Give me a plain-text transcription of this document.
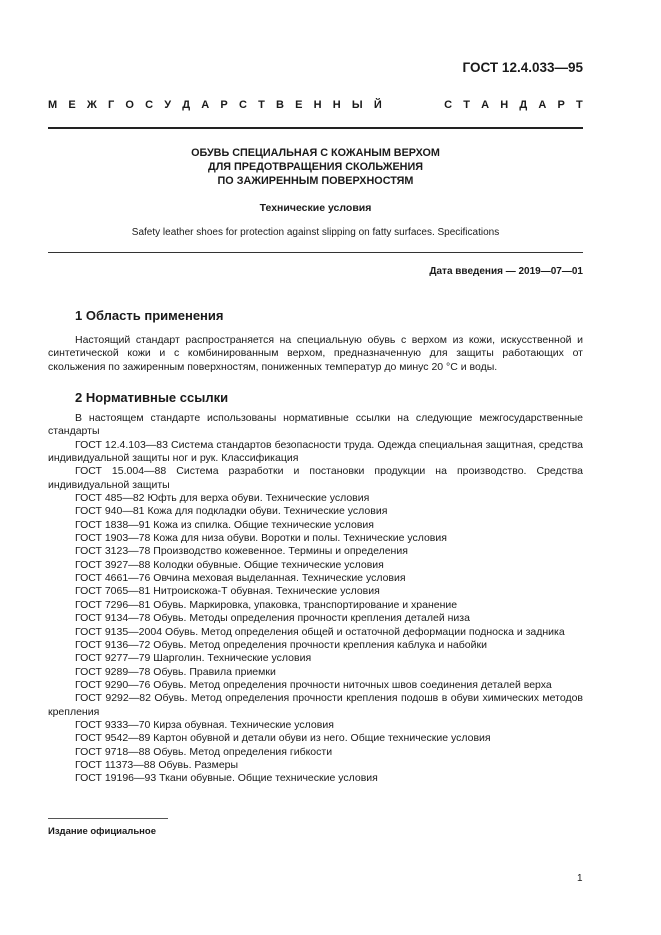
ГОСТ 12.4.033—95
М Е Ж Г О С У Д А Р С Т В Е Н Н Ы Й	С Т А Н Д А Р Т
ОБУВЬ СПЕЦИАЛЬНАЯ С КОЖАНЫМ ВЕРХОМ
ДЛЯ ПРЕДОТВРАЩЕНИЯ СКОЛЬЖЕНИЯ
ПО ЗАЖИРЕННЫМ ПОВЕРХНОСТЯМ
Технические условия
Safety leather shoes for protection against slipping on fatty surfaces. Specifications
Дата введения — 2019—07—01
1 Область применения

Настоящий стандарт распространяется на специальную обувь с верхом из кожи, искусственной и синтетической кожи и с комбинированным верхом, предназначенную для защиты работающих от скольжения по зажиренным поверхностям, пониженных температур до минус 20 °С и воды.

2 Нормативные ссылки

В настоящем стандарте использованы нормативные ссылки на следующие межгосударственные стандарты

ГОСТ 12.4.103—83 Система стандартов безопасности труда. Одежда специальная защитная, средства индивидуальной защиты ног и рук. Классификация

ГОСТ 15.004—88 Система разработки и постановки продукции на производство. Средства индивидуальной защиты

ГОСТ 485—82 Юфть для верха обуви. Технические условия

ГОСТ 940—81 Кожа для подкладки обуви. Технические условия

ГОСТ 1838—91 Кожа из спилка. Общие технические условия

ГОСТ 1903—78 Кожа для низа обуви. Воротки и полы. Технические условия

ГОСТ 3123—78 Производство кожевенное. Термины и определения

ГОСТ 3927—88 Колодки обувные. Общие технические условия

ГОСТ 4661—76 Овчина меховая выделанная. Технические условия

ГОСТ 7065—81 Нитроискожа-Т обувная. Технические условия

ГОСТ 7296—81 Обувь. Маркировка, упаковка, транспортирование и хранение

ГОСТ 9134—78 Обувь. Методы определения прочности крепления деталей низа

ГОСТ 9135—2004 Обувь. Метод определения общей и остаточной деформации подноска и задника

ГОСТ 9136—72 Обувь. Метод определения прочности крепления каблука и набойки

ГОСТ 9277—79 Шарголин. Технические условия

ГОСТ 9289—78 Обувь. Правила приемки

ГОСТ 9290—76 Обувь. Метод определения прочности ниточных швов соединения деталей верха

ГОСТ 9292—82 Обувь. Метод определения прочности крепления подошв в обуви химических методов крепления

ГОСТ 9333—70 Кирза обувная. Технические условия

ГОСТ 9542—89 Картон обувной и детали обуви из него. Общие технические условия

ГОСТ 9718—88 Обувь. Метод определения гибкости

ГОСТ 11373—88 Обувь. Размеры

ГОСТ 19196—93 Ткани обувные. Общие технические условия

Издание официальное
1
